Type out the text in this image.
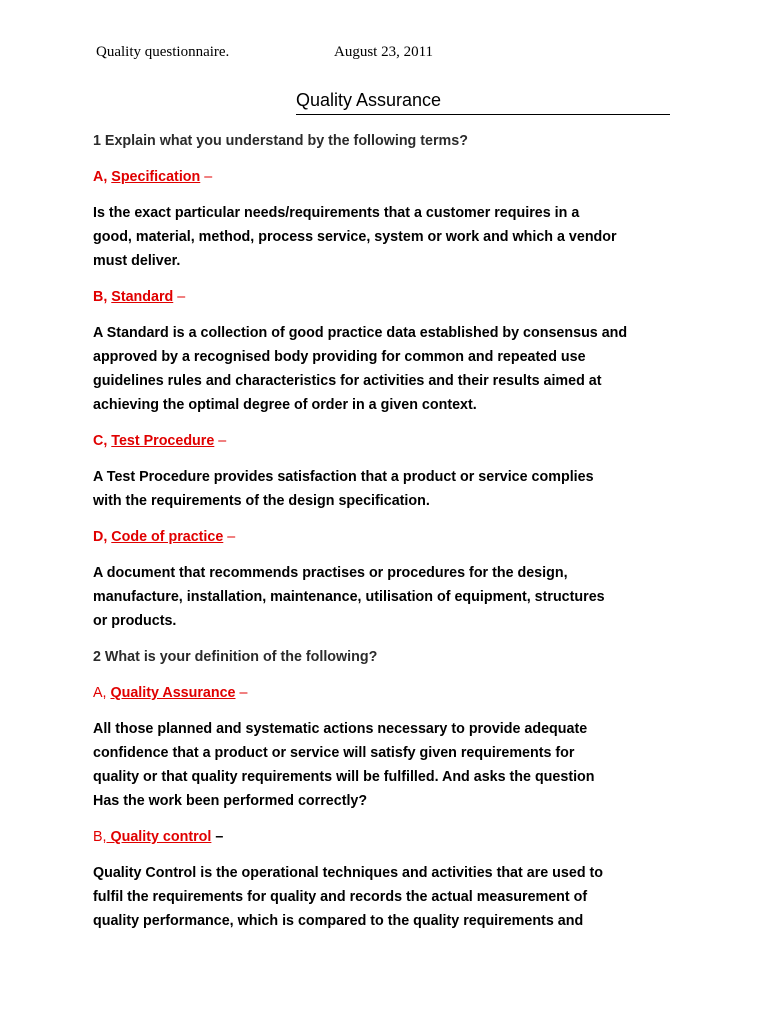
Quality questionnaire.	August 23, 2011
Quality Assurance

1 Explain what you understand by the following terms?

A, Specification –

Is the exact particular needs/requirements that a customer requires in a
good, material, method, process service, system or work and which a vendor
must deliver.

B, Standard –

A Standard is a collection of good practice data established by consensus and
approved by a recognised body providing for common and repeated use
guidelines rules and characteristics for activities and their results aimed at
achieving the optimal degree of order in a given context.

C, Test Procedure –

A Test Procedure provides satisfaction that a product or service complies
with the requirements of the design specification.

D, Code of practice –

A document that recommends practises or procedures for the design,
manufacture, installation, maintenance, utilisation of equipment, structures
or products.

2 What is your definition of the following?

A, Quality Assurance –

All those planned and systematic actions necessary to provide adequate
confidence that a product or service will satisfy given requirements for
quality or that quality requirements will be fulfilled. And asks the question
Has the work been performed correctly?

B, Quality control –

Quality Control is the operational techniques and activities that are used to
fulfil the requirements for quality and records the actual measurement of
quality performance, which is compared to the quality requirements and
